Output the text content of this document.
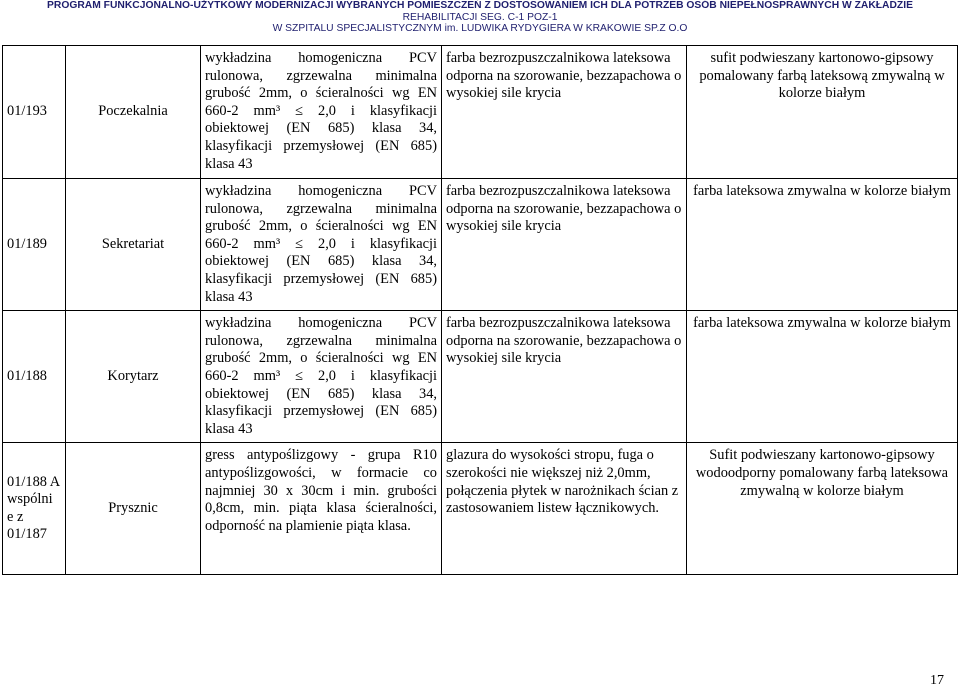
PROGRAM FUNKCJONALNO-UŻYTKOWY MODERNIZACJI WYBRANYCH POMIESZCZEŃ Z DOSTOSOWANIEM ICH DLA POTRZEB OSÓB NIEPEŁNOSPRAWNYCH W ZAKŁADZIE
REHABILITACJI SEG. C-1 POZ-1
W SZPITALU SPECJALISTYCZNYM im. LUDWIKA RYDYGIERA W KRAKOWIE SP.Z O.O
01/193	Poczekalnia	wykładzina homogeniczna PCV rulonowa, zgrzewalna minimalna grubość 2mm, o ścieralności wg EN 660-2 mm³ ≤ 2,0 i klasyfikacji obiektowej (EN 685) klasa 34, klasyfikacji przemysłowej (EN 685) klasa 43	farba bezrozpuszczalnikowa lateksowa odporna na szorowanie, bezzapachowa o wysokiej sile krycia	sufit podwieszany kartonowo-gipsowy pomalowany farbą lateksową zmywalną w kolorze białym
01/189	Sekretariat	wykładzina homogeniczna PCV rulonowa, zgrzewalna minimalna grubość 2mm, o ścieralności wg EN 660-2 mm³ ≤ 2,0 i klasyfikacji obiektowej (EN 685) klasa 34, klasyfikacji przemysłowej (EN 685) klasa 43	farba bezrozpuszczalnikowa lateksowa odporna na szorowanie, bezzapachowa o wysokiej sile krycia	farba lateksowa zmywalna w kolorze białym
01/188	Korytarz	wykładzina homogeniczna PCV rulonowa, zgrzewalna minimalna grubość 2mm, o ścieralności wg EN 660-2 mm³ ≤ 2,0 i klasyfikacji obiektowej (EN 685) klasa 34, klasyfikacji przemysłowej (EN 685) klasa 43	farba bezrozpuszczalnikowa lateksowa odporna na szorowanie, bezzapachowa o wysokiej sile krycia	farba lateksowa zmywalna w kolorze białym
01/188 A wspólni e z 01/187	Prysznic	gress antypoślizgowy - grupa R10 antypoślizgowości, w formacie co najmniej 30 x 30cm i min. grubości 0,8cm, min. piąta klasa ścieralności, odporność na plamienie piąta klasa.	glazura do wysokości stropu, fuga o szerokości nie większej niż 2,0mm, połączenia płytek w narożnikach ścian z zastosowaniem listew łącznikowych.	Sufit podwieszany kartonowo-gipsowy wodoodporny pomalowany farbą lateksowa zmywalną w kolorze białym
17
